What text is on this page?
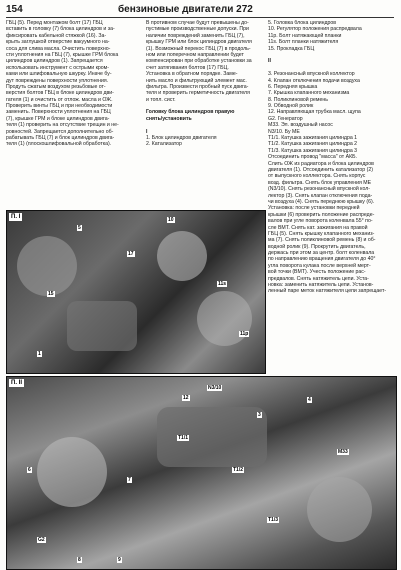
154	бензиновые двигатели 272
ГБЦ (5). Перед монтажом болт (17) ГБЦ
вставить в головку (7) блока цилиндров и за-
фиксировать кабельной стяжкой (16). За-
крыть заглушкой отверстие вакуумного на-
соса для слива масла. Очистить поверхно-
сти уплотнения на ГБЦ (7), крышке ГРМ блока
цилиндров цилиндров (1). Запрещается
использовать инструмент с острыми кром-
ками или шлифовальную шкурку. Иначе бу-
дут повреждены поверхности уплотнения.
Продуть сжатым воздухом резьбовые от-
верстия болтов ГБЦ в блоке цилиндров дви-
гателя (1) и очистить от отлож. масла и ОЖ.
Проверить винты ГБЦ и при необходимости
заменить. Поверхности уплотнения на ГБЦ
(7), крышке ГРМ и блоке цилиндров двига-
теля (1) проверить на отсутствие трещин и не-
ровностей. Запрещается дополнительно об-
рабатывать ГБЦ (7) и блок цилиндров двига-
теля (1) (плоскошлифовальной обработка).
В противном случае будут превышены до-
пустимые производственные допуски. При
наличии повреждений заменить ГБЦ (7),
крышку ГРМ или блок цилиндров двигателя
(1). Возможный перекос ГБЦ (7) в продоль-
ном или поперечном направлении будет
компенсирован при обработке установки за
счет затягивания болтов (17) ГБЦ.
Установка в обратном порядке. Заме-
нить масло и фильтрующий элемент мас.
фильтра. Произвести пробный пуск двига-
теля и проверить герметичность двигателя
и топл. сист.
Головку блока цилиндров правую
снять/установить
I
1. Блок цилиндров двигателя
2. Катализатор
5. Головка блока цилиндров
10. Регулятор положения распредвала
11р. Болт натяжающей планки
11s. Болт планки натяжителя
15. Прокладка ГБЦ
II
3. Резонансный впускной коллектор
4. Клапан отключения подачи воздуха
6. Передняя крышка
7. Крышка клапанного механизма
8. Поликлиновой ремень
9. Обводной ролик
12. Направляющая трубка масл. щупа
G2. Генератор
M33. Эл. воздушный насос
N3/10. Бу ME
T1/1. Катушка зажигания цилиндра 1
T1/2. Катушка зажигания цилиндра 2
T1/3. Катушка зажигания цилиндра 3
Отсоединить провод "масса" от АКБ.
Слить ОЖ из радиатора и блока цилиндров
двигателя (1). Отсоединить катализатор (2)
от выпускного коллектора. Снять корпус
возд. фильтра. Снять блок управления ME
(N3/10). Снять резонансный впускной кол-
лектор (3). Снять клапан отключения пода-
чи воздуха (4). Снять переднюю крышку (6).
Установка: после установки передней
крышки (6) проверить положение распреде-
валов при угле поворота коленвала 55° по-
сле ВМТ. Снять кат. зажигания на правой
ГБЦ (5). Снять крышку клапанного механиз-
ма (7). Снять поликлиновой ремень (8) и об-
водной ролик (9). Прокрутить двигатель,
держась при этом за центр. болт коленвала
по направлению вращения двигателя до 40°
угла поворота кулака после верхней мерт-
вой точки (ВМТ). Учесть положение рас-
предвалов. Снять натяжитель цепи. Уста-
новка: заменить натяжитель цепи. Установ-
ленный паре меток натяжителя цепи запрещает-
П. I
5
10
15
17
11p
11s
1
П. II
N3/10
12
T1/1
T1/2
T1/3
M33
G2
8	9
6
4
3
7
